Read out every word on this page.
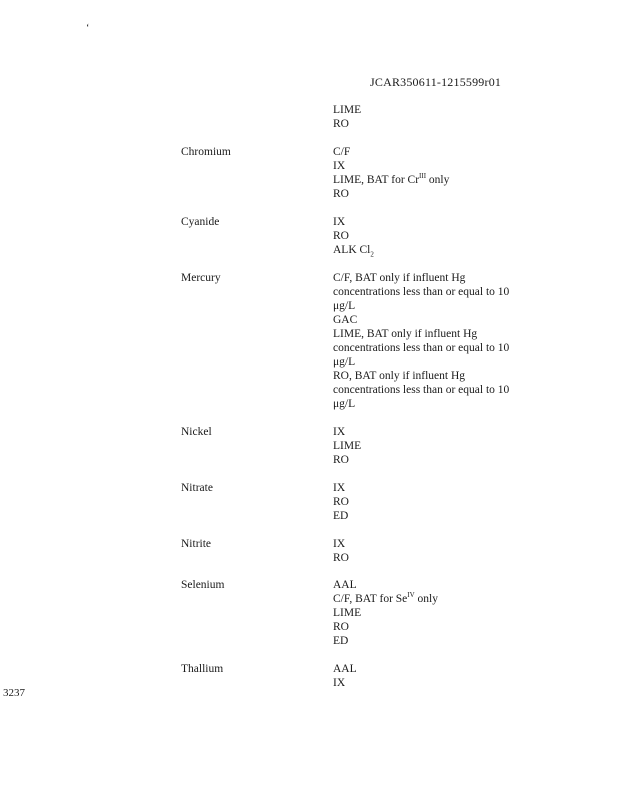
‘
JCAR350611-1215599r01
LIME
RO
Chromium	C/F
IX
LIME, BAT for $Cr^{III}$ only
RO
Cyanide	IX
RO
ALK $Cl_2$
Mercury	C/F, BAT only if influent Hg
concentrations less than or equal to 10
μg/L
GAC
LIME, BAT only if influent Hg
concentrations less than or equal to 10
μg/L
RO, BAT only if influent Hg
concentrations less than or equal to 10
μg/L
Nickel	IX
LIME
RO
Nitrate	IX
RO
ED
Nitrite	IX
RO
Selenium	AAL
C/F, BAT for $Se^{IV}$ only
LIME
RO
ED
Thallium	AAL
IX
3237
